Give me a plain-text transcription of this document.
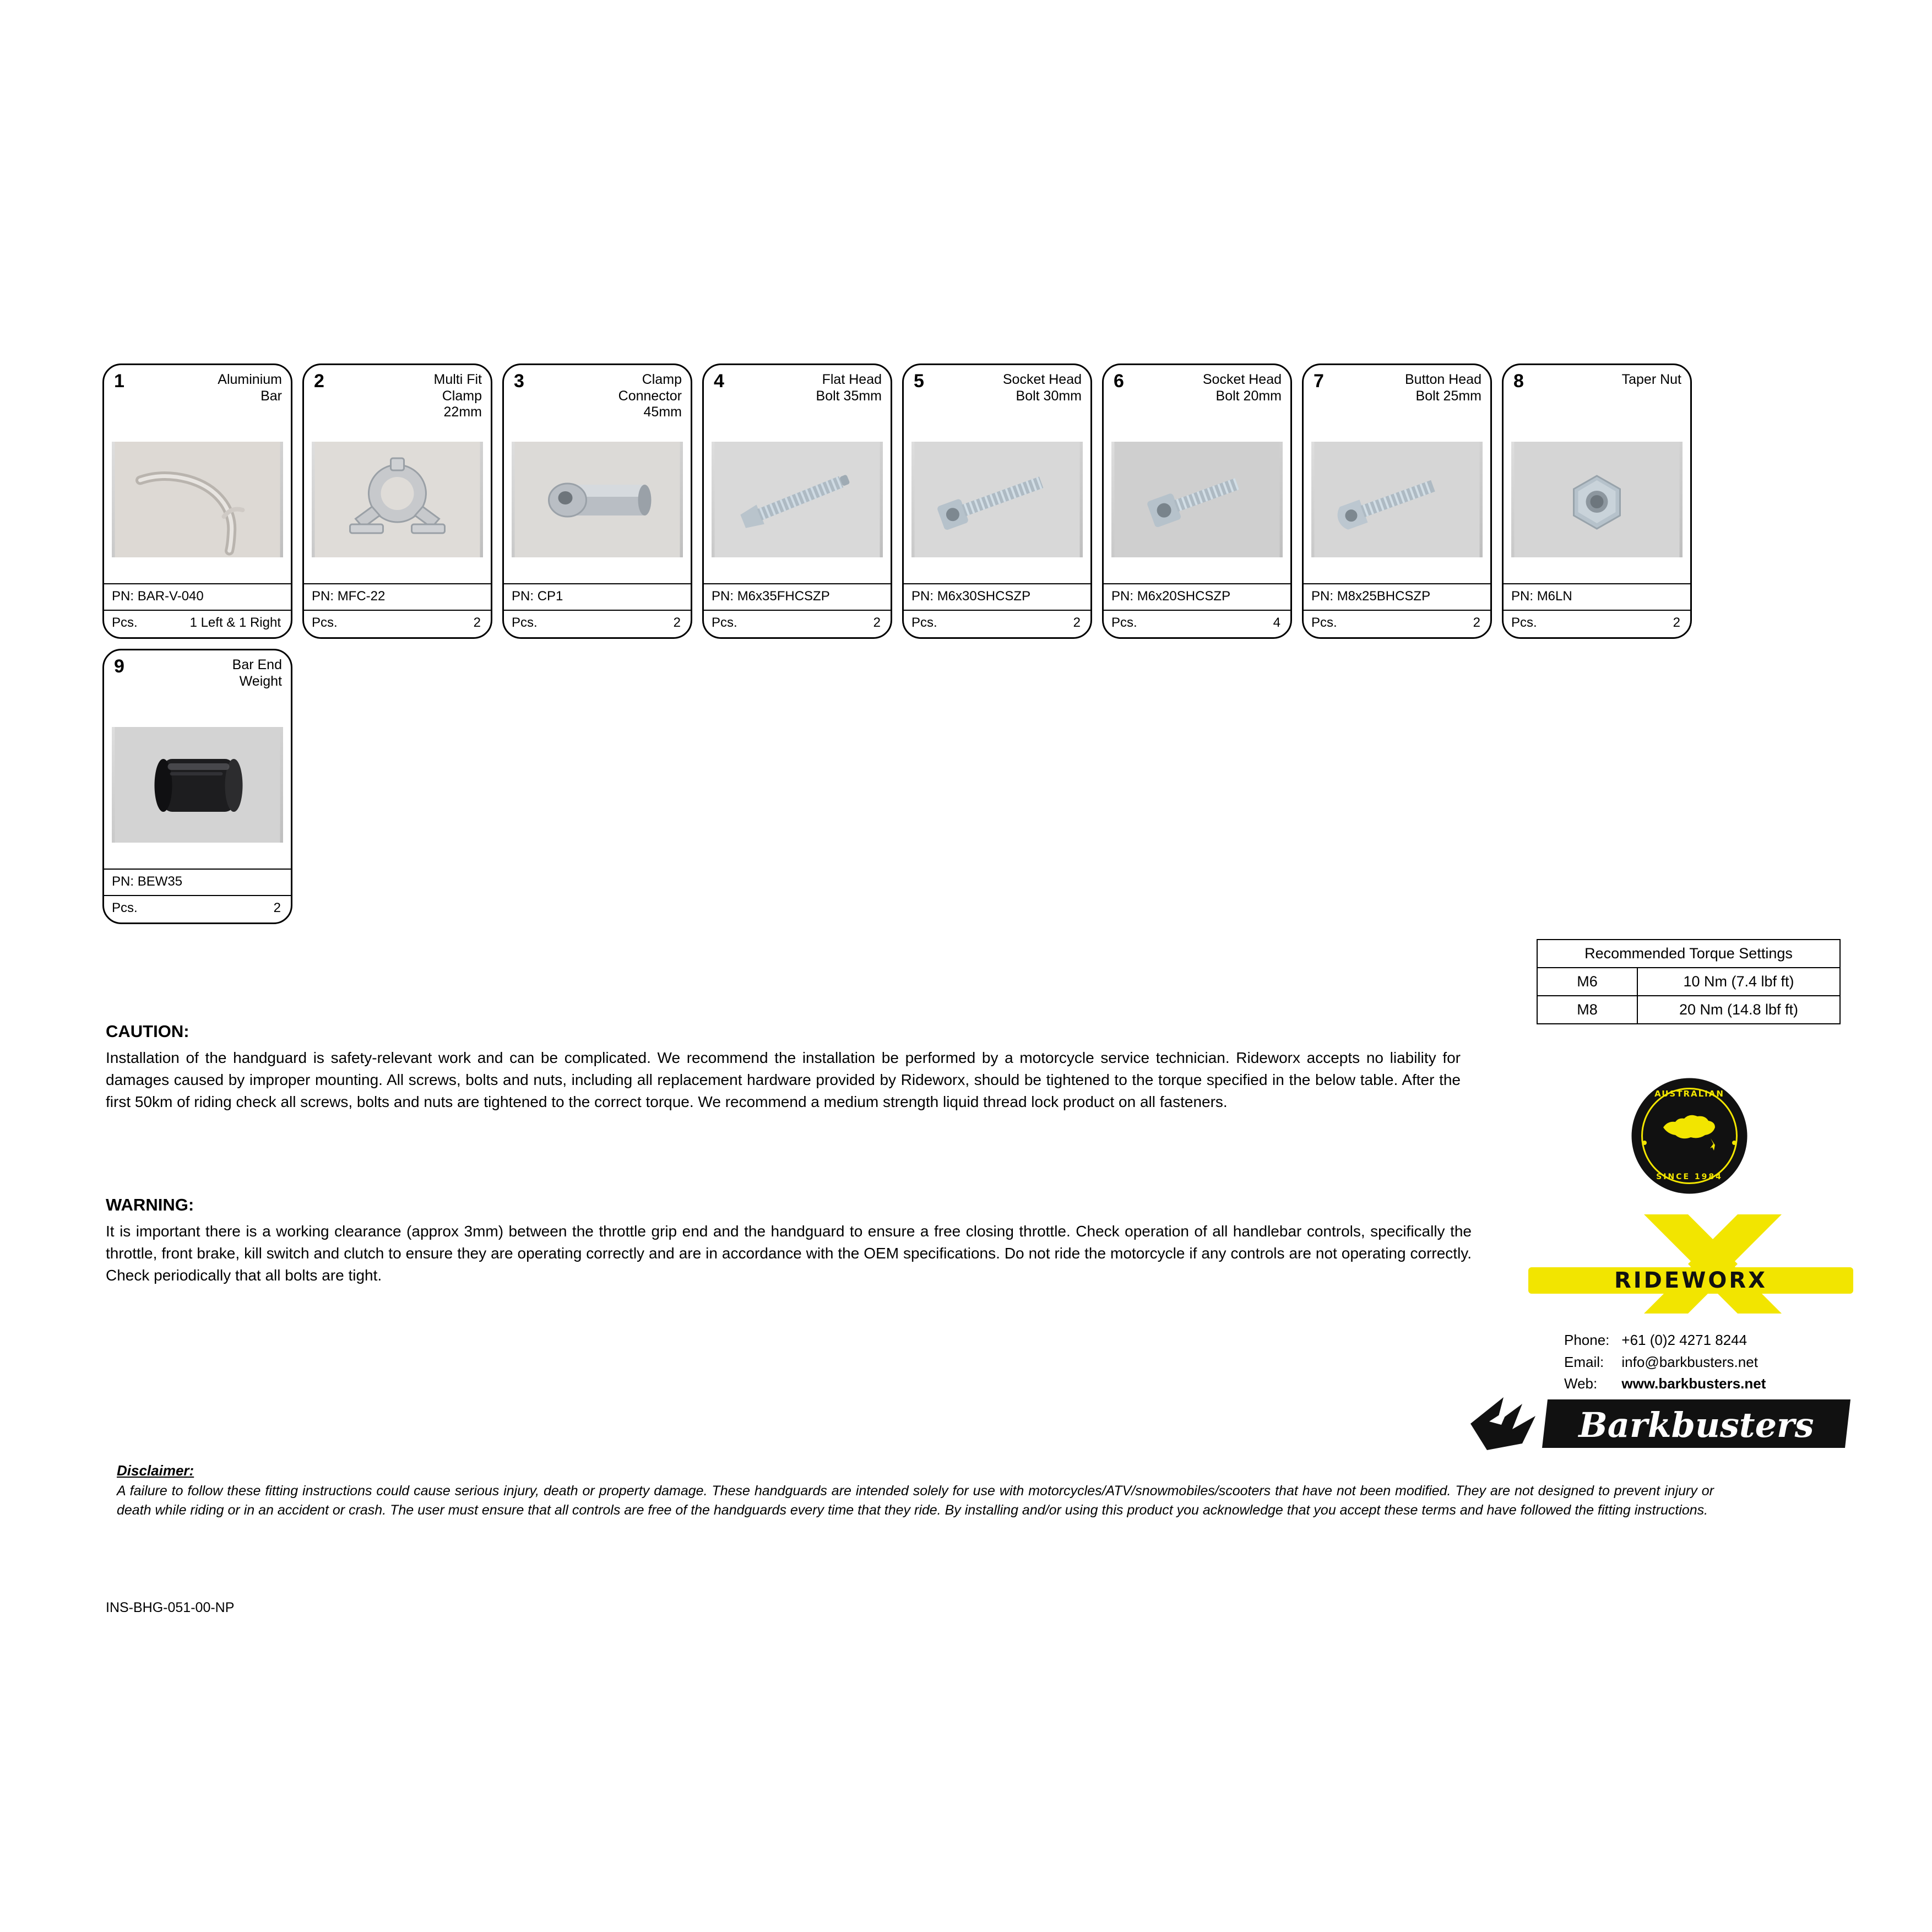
1	Aluminium
Bar
PN: BAR-V-040
Pcs.	1 Left & 1 Right
2	Multi Fit
Clamp
22mm
PN: MFC-22
Pcs.	2
3	Clamp
Connector
45mm
PN: CP1
Pcs.	2
4	Flat Head
Bolt 35mm
PN: M6x35FHCSZP
Pcs.	2
5	Socket Head
Bolt 30mm
PN: M6x30SHCSZP
Pcs.	2
6	Socket Head
Bolt 20mm
PN: M6x20SHCSZP
Pcs.	4
7	Button Head
Bolt 25mm
PN: M8x25BHCSZP
Pcs.	2
8	Taper Nut
PN: M6LN
Pcs.	2
9	Bar End
Weight
PN: BEW35
Pcs.	2
Recommended Torque Settings	
M6	10 Nm (7.4 lbf ft)
M8	20 Nm (14.8 lbf ft)
CAUTION:
Installation of the handguard is safety-relevant work and can be complicated. We recommend the installation be performed by a motorcycle service technician. Rideworx accepts no liability for damages caused by improper mounting. All screws, bolts and nuts, including all replacement hardware provided by Rideworx, should be tightened to the torque specified in the below table. After the first 50km of riding check all screws, bolts and nuts are tightened to the correct torque. We recommend a medium strength liquid thread lock product on all fasteners.
WARNING:
It is important there is a working clearance (approx 3mm) between the throttle grip end and the handguard to ensure a free closing throttle. Check operation of all handlebar controls, specifically the throttle, front brake, kill switch and clutch to ensure they are operating correctly and are in accordance with the OEM specifications. Do not ride the motorcycle if any controls are not operating correctly. Check periodically that all bolts are tight.
AUSTRALIAN
SINCE 1984
RIDEWORX
Phone:	+61 (0)2 4271 8244
Email:	info@barkbusters.net
Web:	www.barkbusters.net
Barkbusters
Disclaimer:
A failure to follow these fitting instructions could cause serious injury, death or property damage. These handguards are intended solely for use with motorcycles/ATV/snowmobiles/scooters that have not been modified. They are not designed to prevent injury or death while riding or in an accident or crash. The user must ensure that all controls are free of the handguards every time that they ride. By installing and/or using this product you acknowledge that you accept these terms and have followed the fitting instructions.
INS-BHG-051-00-NP
